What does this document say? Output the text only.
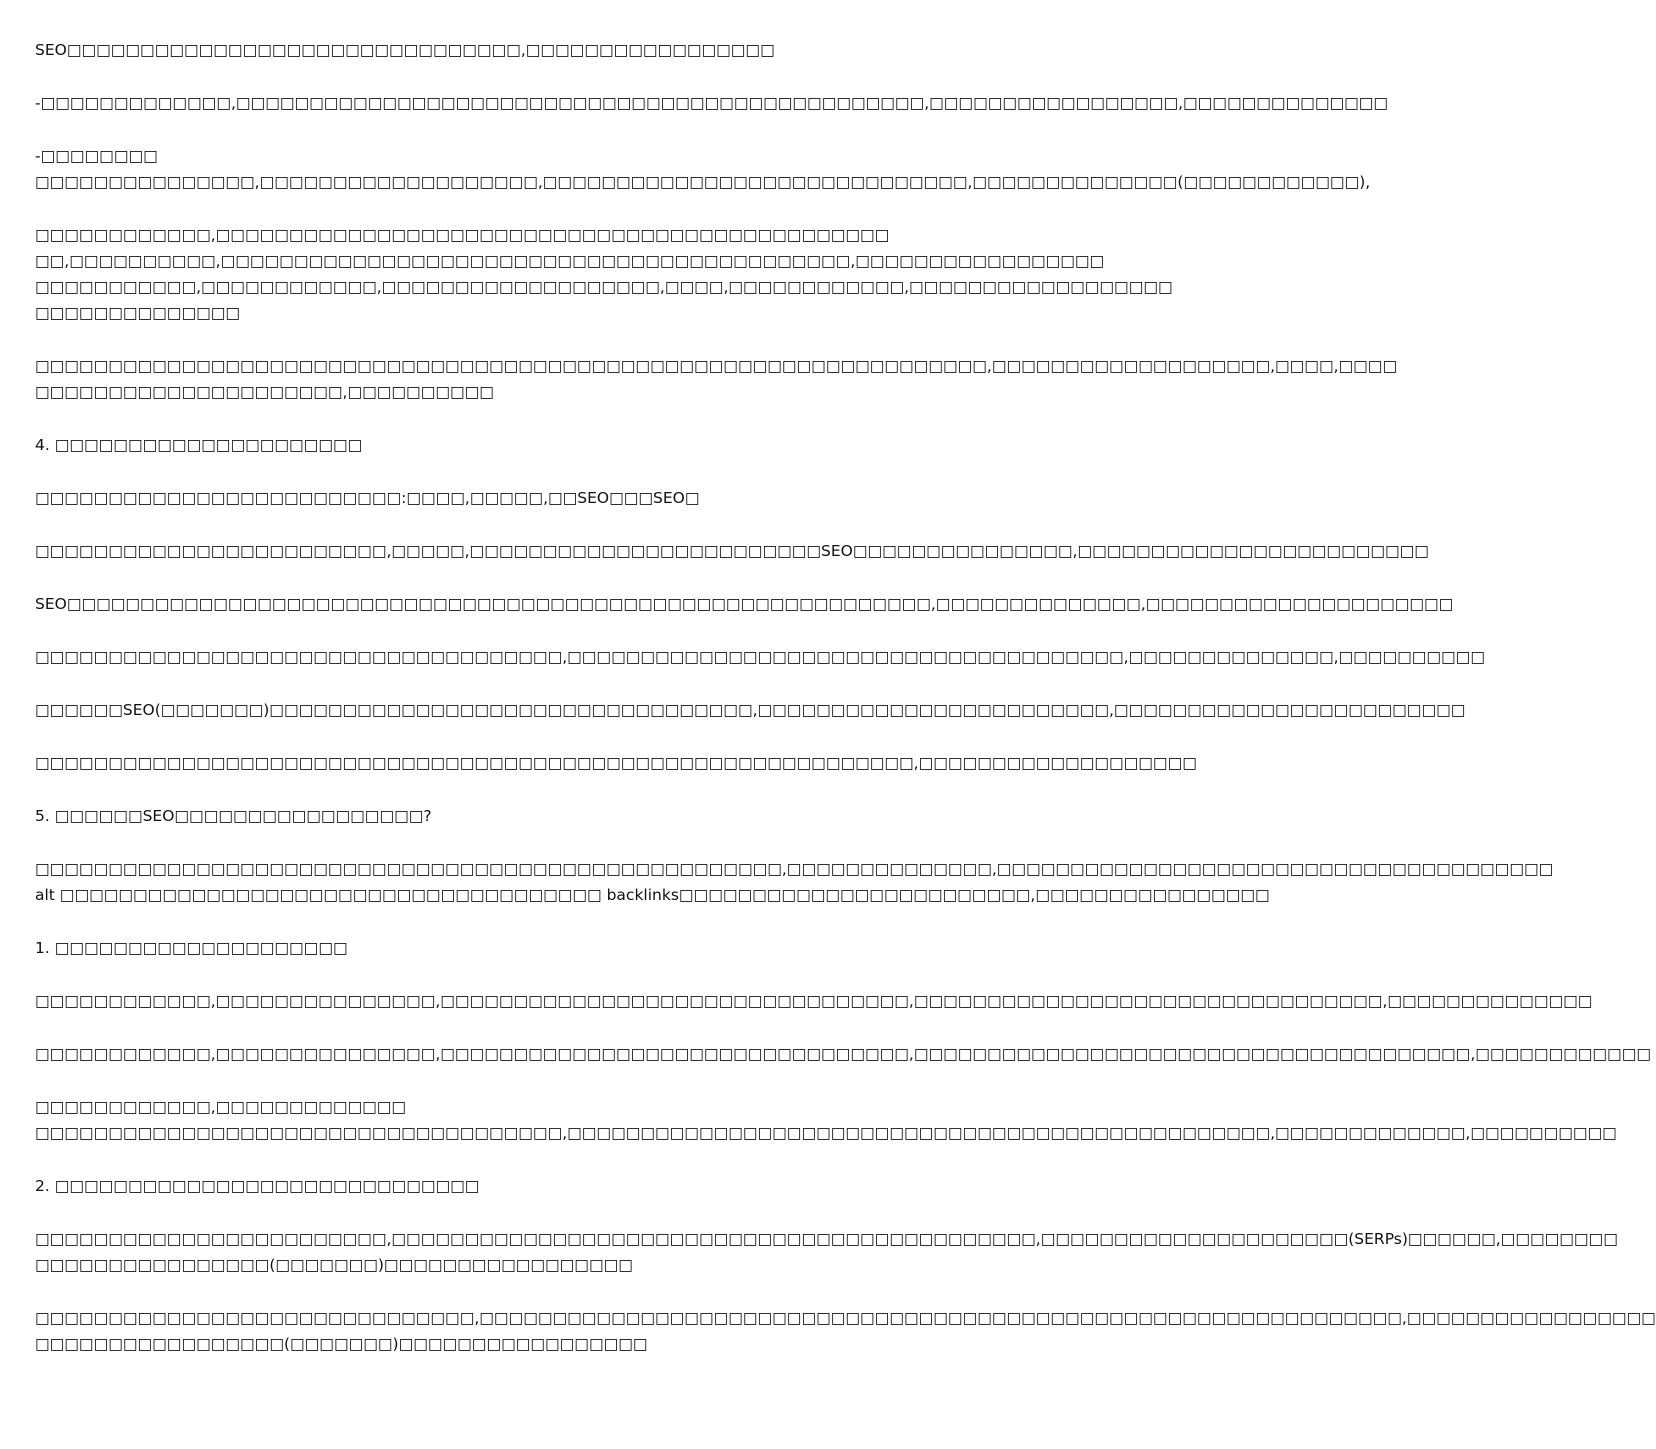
SEO□□□□□□□□□□□□□□□□□□□□□□□□□□□□□□□,□□□□□□□□□□□□□□□□□
-□□□□□□□□□□□□□,□□□□□□□□□□□□□□□□□□□□□□□□□□□□□□□□□□□□□□□□□□□□□□□,□□□□□□□□□□□□□□□□□,□□□□□□□□□□□□□□
-□□□□□□□□
□□□□□□□□□□□□□□□,□□□□□□□□□□□□□□□□□□□,□□□□□□□□□□□□□□□□□□□□□□□□□□□□□,□□□□□□□□□□□□□□(□□□□□□□□□□□□),
□□□□□□□□□□□□,□□□□□□□□□□□□□□□□□□□□□□□□□□□□□□□□□□□□□□□□□□□□□□
□□,□□□□□□□□□□,□□□□□□□□□□□□□□□□□□□□□□□□□□□□□□□□□□□□□□□□□□□,□□□□□□□□□□□□□□□□□
□□□□□□□□□□□,□□□□□□□□□□□□,□□□□□□□□□□□□□□□□□□□,□□□□,□□□□□□□□□□□□,□□□□□□□□□□□□□□□□□□
□□□□□□□□□□□□□□
□□□□□□□□□□□□□□□□□□□□□□□□□□□□□□□□□□□□□□□□□□□□□□□□□□□□□□□□□□□□□□□□□,□□□□□□□□□□□□□□□□□□□,□□□□,□□□□
□□□□□□□□□□□□□□□□□□□□□,□□□□□□□□□□
4. □□□□□□□□□□□□□□□□□□□□□
□□□□□□□□□□□□□□□□□□□□□□□□□:□□□□,□□□□□,□□SEO□□□SEO□
□□□□□□□□□□□□□□□□□□□□□□□□,□□□□□,□□□□□□□□□□□□□□□□□□□□□□□□SEO□□□□□□□□□□□□□□□,□□□□□□□□□□□□□□□□□□□□□□□□
SEO□□□□□□□□□□□□□□□□□□□□□□□□□□□□□□□□□□□□□□□□□□□□□□□□□□□□□□□□□□□,□□□□□□□□□□□□□□,□□□□□□□□□□□□□□□□□□□□□
□□□□□□□□□□□□□□□□□□□□□□□□□□□□□□□□□□□□,□□□□□□□□□□□□□□□□□□□□□□□□□□□□□□□□□□□□□□,□□□□□□□□□□□□□□,□□□□□□□□□□
□□□□□□SEO(□□□□□□□)□□□□□□□□□□□□□□□□□□□□□□□□□□□□□□□□□,□□□□□□□□□□□□□□□□□□□□□□□□,□□□□□□□□□□□□□□□□□□□□□□□□
□□□□□□□□□□□□□□□□□□□□□□□□□□□□□□□□□□□□□□□□□□□□□□□□□□□□□□□□□□□□,□□□□□□□□□□□□□□□□□□□
5. □□□□□□SEO□□□□□□□□□□□□□□□□□?
□□□□□□□□□□□□□□□□□□□□□□□□□□□□□□□□□□□□□□□□□□□□□□□□□□□,□□□□□□□□□□□□□□,□□□□□□□□□□□□□□□□□□□□□□□□□□□□□□□□□□□□□□
alt □□□□□□□□□□□□□□□□□□□□□□□□□□□□□□□□□□□□□ backlinks□□□□□□□□□□□□□□□□□□□□□□□□,□□□□□□□□□□□□□□□□
1. □□□□□□□□□□□□□□□□□□□□
□□□□□□□□□□□□,□□□□□□□□□□□□□□□,□□□□□□□□□□□□□□□□□□□□□□□□□□□□□□□□,□□□□□□□□□□□□□□□□□□□□□□□□□□□□□□□□,□□□□□□□□□□□□□□
□□□□□□□□□□□□,□□□□□□□□□□□□□□□,□□□□□□□□□□□□□□□□□□□□□□□□□□□□□□□□,□□□□□□□□□□□□□□□□□□□□□□□□□□□□□□□□□□□□□□,□□□□□□□□□□□□
□□□□□□□□□□□□,□□□□□□□□□□□□□
□□□□□□□□□□□□□□□□□□□□□□□□□□□□□□□□□□□□,□□□□□□□□□□□□□□□□□□□□□□□□□□□□□□□□□□□□□□□□□□□□□□□□,□□□□□□□□□□□□□,□□□□□□□□□□
2. □□□□□□□□□□□□□□□□□□□□□□□□□□□□□
□□□□□□□□□□□□□□□□□□□□□□□□,□□□□□□□□□□□□□□□□□□□□□□□□□□□□□□□□□□□□□□□□□□□□,□□□□□□□□□□□□□□□□□□□□□(SERPs)□□□□□□,□□□□□□□□
□□□□□□□□□□□□□□□□(□□□□□□□)□□□□□□□□□□□□□□□□□
□□□□□□□□□□□□□□□□□□□□□□□□□□□□□□,□□□□□□□□□□□□□□□□□□□□□□□□□□□□□□□□□□□□□□□□□□□□□□□□□□□□□□□□□□□□□□□,□□□□□□□□□□□□□□□□□
□□□□□□□□□□□□□□□□□(□□□□□□□)□□□□□□□□□□□□□□□□□
